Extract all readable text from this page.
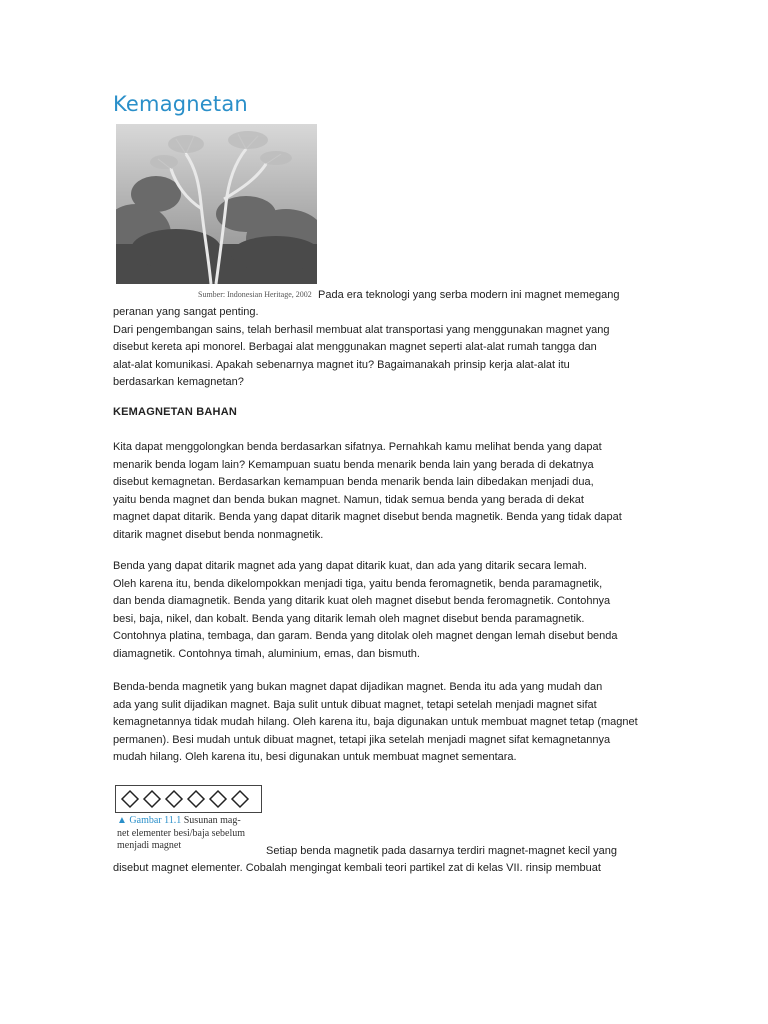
Kemagnetan
Sumber: Indonesian Heritage, 2002 Pada era teknologi yang serba modern ini magnet memegang
peranan yang sangat penting.
Dari pengembangan sains, telah berhasil membuat alat transportasi yang menggunakan magnet yang
disebut kereta api monorel. Berbagai alat menggunakan magnet seperti alat-alat rumah tangga dan
alat-alat komunikasi. Apakah sebenarnya magnet itu? Bagaimanakah prinsip kerja alat-alat itu
berdasarkan kemagnetan?
KEMAGNETAN BAHAN
Kita dapat menggolongkan benda berdasarkan sifatnya. Pernahkah kamu melihat benda yang dapat
menarik benda logam lain? Kemampuan suatu benda menarik benda lain yang berada di dekatnya
disebut kemagnetan. Berdasarkan kemampuan benda menarik benda lain dibedakan menjadi dua,
yaitu benda magnet dan benda bukan magnet. Namun, tidak semua benda yang berada di dekat
magnet dapat ditarik. Benda yang dapat ditarik magnet disebut benda magnetik. Benda yang tidak dapat
ditarik magnet disebut benda nonmagnetik.
Benda yang dapat ditarik magnet ada yang dapat ditarik kuat, dan ada yang ditarik secara lemah.
Oleh karena itu, benda dikelompokkan menjadi tiga, yaitu benda feromagnetik, benda paramagnetik,
dan benda diamagnetik. Benda yang ditarik kuat oleh magnet disebut benda feromagnetik. Contohnya
besi, baja, nikel, dan kobalt. Benda yang ditarik lemah oleh magnet disebut benda paramagnetik.
Contohnya platina, tembaga, dan garam. Benda yang ditolak oleh magnet dengan lemah disebut benda
diamagnetik. Contohnya timah, aluminium, emas, dan bismuth.
Benda-benda magnetik yang bukan magnet dapat dijadikan magnet. Benda itu ada yang mudah dan
ada yang sulit dijadikan magnet. Baja sulit untuk dibuat magnet, tetapi setelah menjadi magnet sifat
kemagnetannya tidak mudah hilang. Oleh karena itu, baja digunakan untuk membuat magnet tetap (magnet
permanen). Besi mudah untuk dibuat magnet, tetapi jika setelah menjadi magnet sifat kemagnetannya
mudah hilang. Oleh karena itu, besi digunakan untuk membuat magnet sementara.
▲ Gambar 11.1 Susunan mag-
net elementer besi/baja sebelum
menjadi magnet	Setiap benda magnetik pada dasarnya terdiri magnet-magnet kecil yang
disebut magnet elementer. Cobalah mengingat kembali teori partikel zat di kelas VII. rinsip membuat
